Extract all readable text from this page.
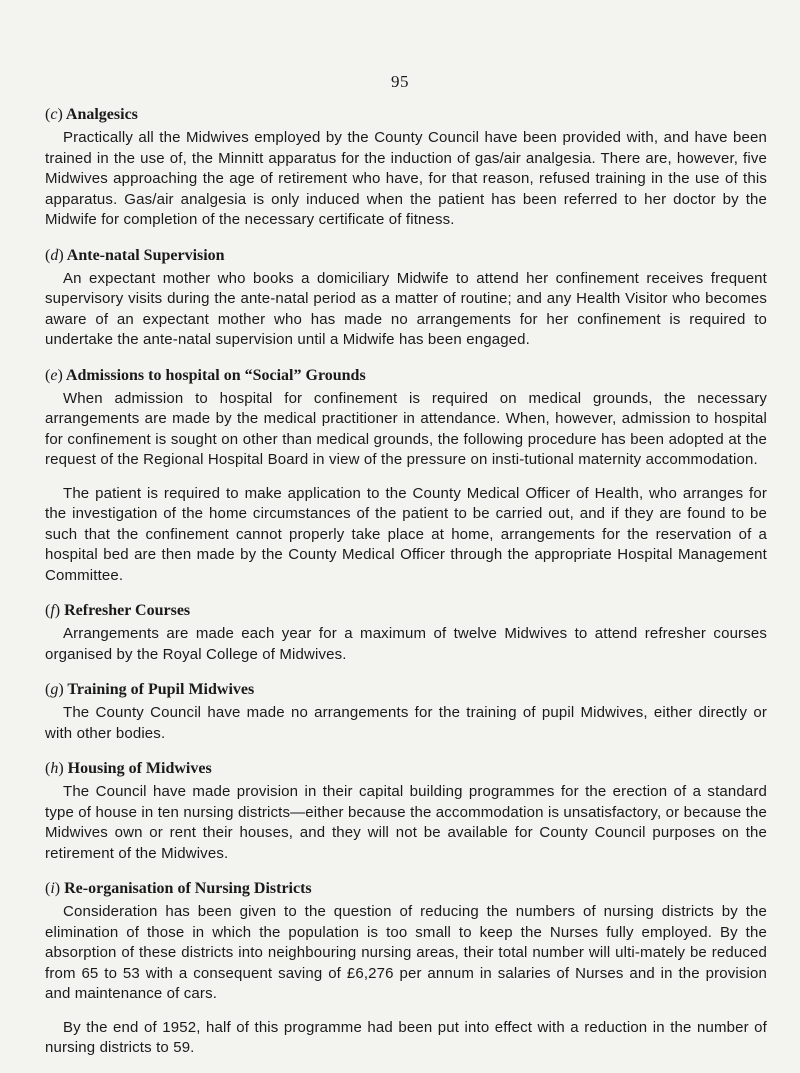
95
(c) Analgesics

Practically all the Midwives employed by the County Council have been provided with, and have been trained in the use of, the Minnitt apparatus for the induction of gas/air analgesia. There are, however, five Midwives approaching the age of retirement who have, for that reason, refused training in the use of this apparatus. Gas/air analgesia is only induced when the patient has been referred to her doctor by the Midwife for completion of the necessary certificate of fitness.

(d) Ante-natal Supervision

An expectant mother who books a domiciliary Midwife to attend her confinement receives frequent supervisory visits during the ante-natal period as a matter of routine; and any Health Visitor who becomes aware of an expectant mother who has made no arrangements for her confinement is required to undertake the ante-natal supervision until a Midwife has been engaged.

(e) Admissions to hospital on “Social” Grounds

When admission to hospital for confinement is required on medical grounds, the necessary arrangements are made by the medical practitioner in attendance. When, however, admission to hospital for confinement is sought on other than medical grounds, the following procedure has been adopted at the request of the Regional Hospital Board in view of the pressure on insti-tutional maternity accommodation.

The patient is required to make application to the County Medical Officer of Health, who arranges for the investigation of the home circumstances of the patient to be carried out, and if they are found to be such that the confinement cannot properly take place at home, arrangements for the reservation of a hospital bed are then made by the County Medical Officer through the appropriate Hospital Management Committee.

(f) Refresher Courses

Arrangements are made each year for a maximum of twelve Midwives to attend refresher courses organised by the Royal College of Midwives.

(g) Training of Pupil Midwives

The County Council have made no arrangements for the training of pupil Midwives, either directly or with other bodies.

(h) Housing of Midwives

The Council have made provision in their capital building programmes for the erection of a standard type of house in ten nursing districts—either because the accommodation is unsatisfactory, or because the Midwives own or rent their houses, and they will not be available for County Council purposes on the retirement of the Midwives.

(i) Re-organisation of Nursing Districts

Consideration has been given to the question of reducing the numbers of nursing districts by the elimination of those in which the population is too small to keep the Nurses fully employed. By the absorption of these districts into neighbouring nursing areas, their total number will ulti-mately be reduced from 65 to 53 with a consequent saving of £6,276 per annum in salaries of Nurses and in the provision and maintenance of cars.

By the end of 1952, half of this programme had been put into effect with a reduction in the number of nursing districts to 59.
